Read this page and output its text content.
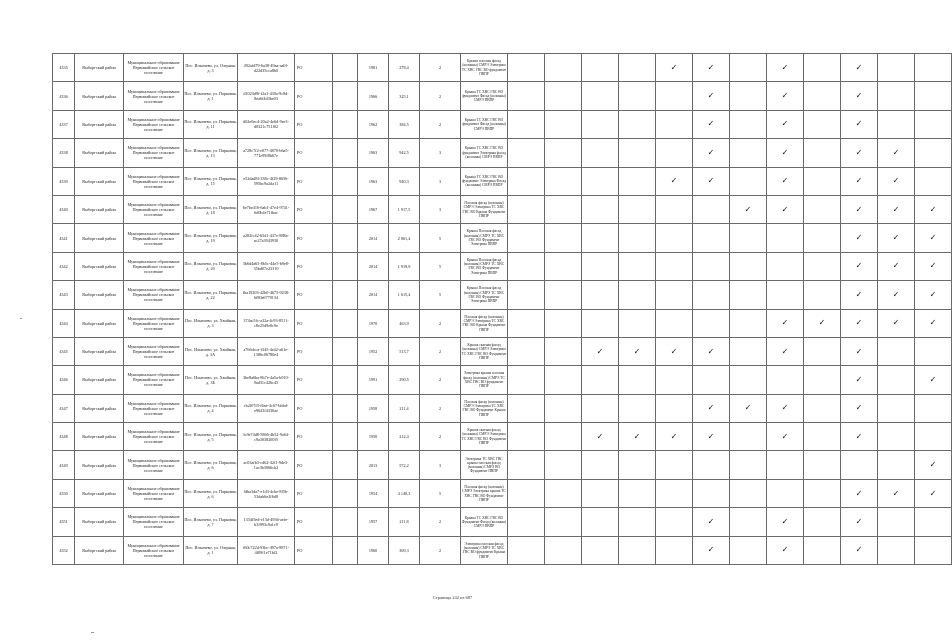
4335	Выборгский район	Муниципальное образование Первомайское сельское поселение	Пос. Ильичево, ул. Озерная, д. 3	492afd79-6a38-49aa-aa0f-d22d35cca8b0	РО		1981	278,4	2	Крыша плоская фасад (колонны) СМРЭ Электрика ТС ХВС ГВС ВО фундамент ПВПР					✓	✓		✓		✓		
4336	Выборгский район	Муниципальное образование Первомайское сельское поселение	Пос. Ильичево, ул. Парковая, д. 1	d1023d9f-f2a1-430a-9c8d-8ea6f4d3be03	РО		1966	325,1	2	Крыша ТС ХВС ГВС ВО фундамент Фасад (колонны) СМРЭ ПВПР						✓		✓		✓		
4337	Выборгский район	Муниципальное образование Первомайское сельское поселение	Пос. Ильичево, ул. Парковая, д. 11	d62e0ec4-20a2-4e6d-9ee3-d0321c751f02	РО		1962	384,5	2	Крыша ТС ХВС ГВС ВО фундамент Фасад (колонны) СМРЭ ПВПР						✓		✓		✓		
4338	Выборгский район	Муниципальное образование Первомайское сельское поселение	Пос. Ильичево, ул. Парковая, д. 13	a728c7f2-e077-4870-b6a5-771e99f8b67e	РО		1963	942,5	3	Крыша ТС ХВС ГВС ВО фундамент Электрика фасад (колонны) СМРЭ ПВПР						✓		✓		✓	✓	
4339	Выборгский район	Муниципальное образование Первомайское сельское поселение	Пос. Ильичево, ул. Парковая, д. 15	e52dad8f-338c-4f29-8656-595bc9a2da11	РО		1963	940,3	3	Крыша ТС ХВС ГВС ВО фундамент Электрика Фасад (колонны) СМРЭ ПВПР					✓	✓		✓		✓	✓	
4340	Выборгский район	Муниципальное образование Первомайское сельское поселение	Пос. Ильичево, ул. Парковая, д. 18	6e7be416-6ab1-47e4-9741-6d0b4e71fbac	РО		1967	1 917,5	3	Плоская фасад (колонны) СМРЭ Электрика ТС ХВС ГВС ВО Крыша Фундамент ПВПР							✓	✓		✓	✓	✓
4341	Выборгский район	Муниципальное образование Первомайское сельское поселение	Пос. Ильичево, ул. Парковая, д. 19	a282fc42-65d1-437e-888a-ac27a3943930	РО		2014	2 061,4	5	Крыша Плоская фасад (колонны) СМРЭ ТС ХВС ГВС ВО Фундамент Электрика ПВПР										✓	✓	✓
4342	Выборгский район	Муниципальное образование Первомайское сельское поселение	Пос. Ильичево, ул. Парковая, д. 20	3b6d4a63-8b5c-44e5-b9e8-35bd07e23310	РО		2014	1 919,9	5	Крыша Плоская фасад (колонны) СМРЭ ТС ХВС ГВС ВО Фундамент Электрика ПВПР										✓	✓	✓
4343	Выборгский район	Муниципальное образование Первомайское сельское поселение	Пос. Ильичево, ул. Парковая, д. 22	fba19203-42b0-4673-9238-6f80e6779134	РО		2014	1 615,4	5	Крыша Плоская фасад (колонны) СМРЭ ТС ХВС ГВС ВО Фундамент Электрика ПВПР										✓	✓	✓
4344	Выборгский район	Муниципальное образование Первомайское сельское поселение	Пос. Ильичево, ул. Хвойная, д. 3	374ac5fc-a32a-4c93-8511-c8e25d9e0c9e	РО		1970	463,9	2	Плоская фасад (колонны) СМРЭ Электрика ТС ХВС ГВС ВО Крыша Фундамент ПВПР								✓	✓	✓	✓	✓
4345	Выборгский район	Муниципальное образование Первомайское сельское поселение	Пос. Ильичево, ул. Хвойная, д. 3А	a766dcca-f345-4e42-a61e-1386c06780e4	РО		1952	513,7	2	Крыша скатная фасад (колонны) СМРЭ Электрика ТС ХВС ГВС ВО Фундамент ПВПР			✓	✓	✓	✓		✓		✓		
4346	Выборгский район	Муниципальное образование Первомайское сельское поселение	Пос. Ильичево, ул. Хвойная, д. 3Б	3be8a6ba-8b7e-4a5a-b910-9ad31c426c45	РО		1991	290,5	2	Электрика крыша плоская фасад (колонны) СМРЭ ТС ХВС ГВС ВО фундамент ПВПР										✓		✓
4347	Выборгский район	Муниципальное образование Первомайское сельское поселение	Пос. Ильичево, ул. Парковая, д. 4	cb2f07f3-f6ae-4c67-bbbd-e9643f4330ae	РО		1958	211,4	2	Плоская фасад (колонны) СМРЭ Электрика ТС ХВС ГВС ВО Фундамент Крыша ПВПР						✓	✓	✓		✓		
4348	Выборгский район	Муниципальное образование Первомайское сельское поселение	Пос. Ильичево, ул. Парковая, д. 5	3c9e74d8-5866-4b52-9a64-c9a3038260f5	РО		1950	212,4	2	Крыша скатная фасад (колонны) СМРЭ Электрика ТС ХВС ГВС ВО Фундамент ПВПР			✓	✓	✓	✓		✓		✓		
4349	Выборгский район	Муниципальное образование Первомайское сельское поселение	Пос. Ильичево, ул. Парковая, д. 6	ac03afb3-cd62-42f1-9de3-1ac3b3066cb2	РО		2013	572,2	3	Электрика ТС ХВС ГВС крыша плоская фасад (колонны) СМРЭ ВО Фундамент ПВПР												✓
4350	Выборгский район	Муниципальное образование Первомайское сельское поселение	Пос. Ильичево, ул. Парковая, д. 6	fdba3da7-e1d3-4cbe-8f5b-53dab6e2f6d0	РО		1954	4 140,3	5	Плоская фасад (колонны) СМРЭ Электрика крыша ТС ХВС ГВС ВО Фундамент ПВПР										✓	✓	✓
4351	Выборгский район	Муниципальное образование Первомайское сельское поселение	Пос. Ильичево, ул. Парковая, д. 7	1334f5ed-e13d-4936-aefe-b3f993c9a1c9	РО		1957	211,8	2	Крыша ТС ХВС ГВС ВО Фундамент Фасад (колонны) СМРЭ ПВПР						✓		✓		✓		
4352	Выборгский район	Муниципальное образование Первомайское сельское поселение	Пос. Ильичево, ул. Озерная, д. 1	f60c722d-93bc-497a-8871-4f09f1e71bf2	РО		1960	369,3	2	Электрика плоская фасад (колонны) СМРЭ ТС ХВС ГВС ВО фундамент Крыша ПВПР						✓		✓		✓		
Страница 242 из 687
